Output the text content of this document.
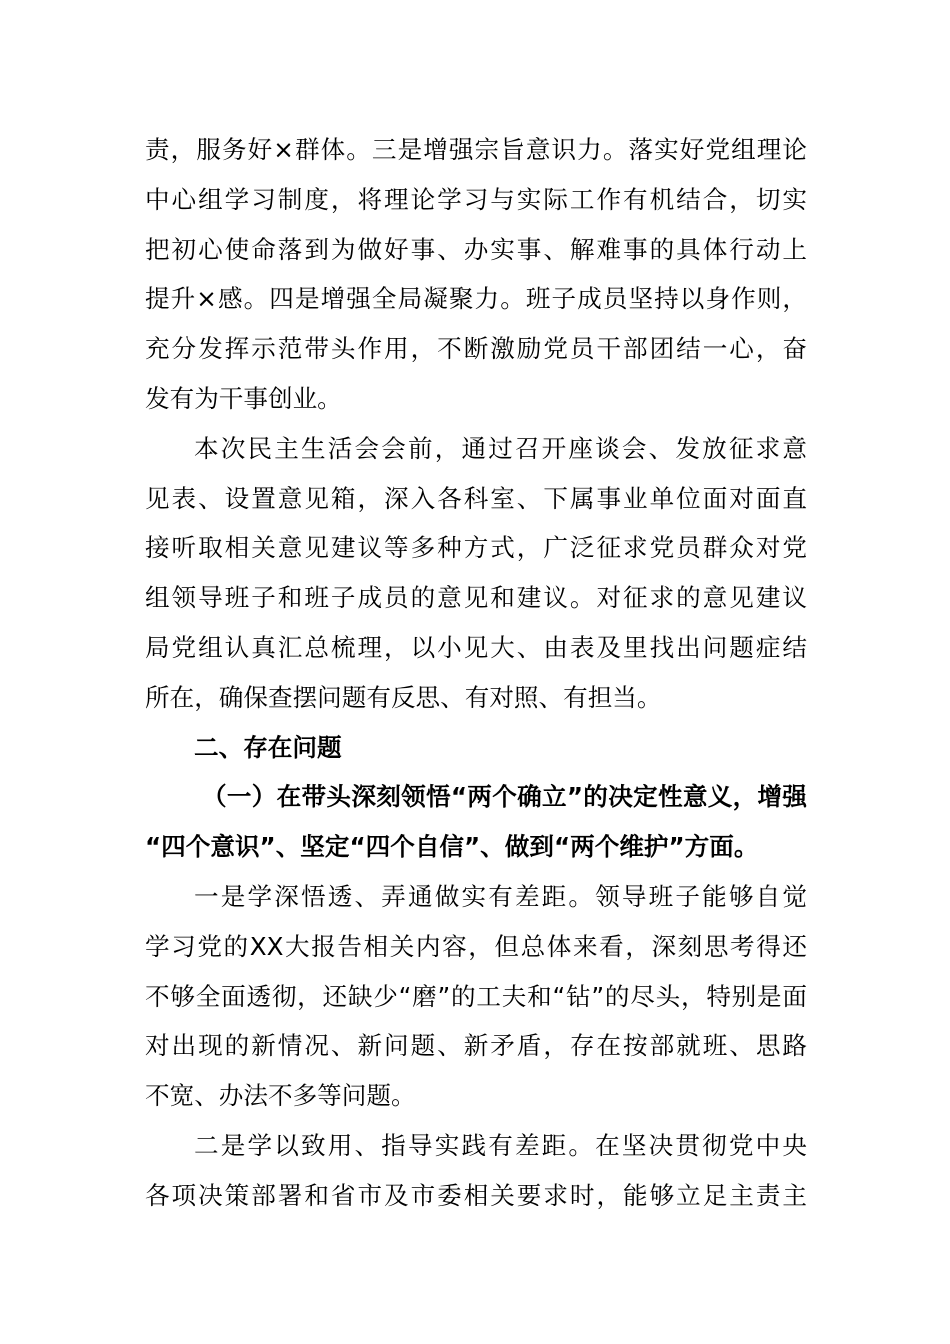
责，服务好×群体。三是增强宗旨意识力。落实好党组理论
中心组学习制度，将理论学习与实际工作有机结合，切实
把初心使命落到为做好事、办实事、解难事的具体行动上
提升×感。四是增强全局凝聚力。班子成员坚持以身作则，
充分发挥示范带头作用，不断激励党员干部团结一心，奋
发有为干事创业。
本次民主生活会会前，通过召开座谈会、发放征求意
见表、设置意见箱，深入各科室、下属事业单位面对面直
接听取相关意见建议等多种方式，广泛征求党员群众对党
组领导班子和班子成员的意见和建议。对征求的意见建议
局党组认真汇总梳理，以小见大、由表及里找出问题症结
所在，确保查摆问题有反思、有对照、有担当。
二、存在问题
（一）在带头深刻领悟“两个确立”的决定性意义，增强
“四个意识”、坚定“四个自信”、做到“两个维护”方面。
一是学深悟透、弄通做实有差距。领导班子能够自觉
学习党的XX大报告相关内容，但总体来看，深刻思考得还
不够全面透彻，还缺少“磨”的工夫和“钻”的尽头，特别是面
对出现的新情况、新问题、新矛盾，存在按部就班、思路
不宽、办法不多等问题。
二是学以致用、指导实践有差距。在坚决贯彻党中央
各项决策部署和省市及市委相关要求时，能够立足主责主
